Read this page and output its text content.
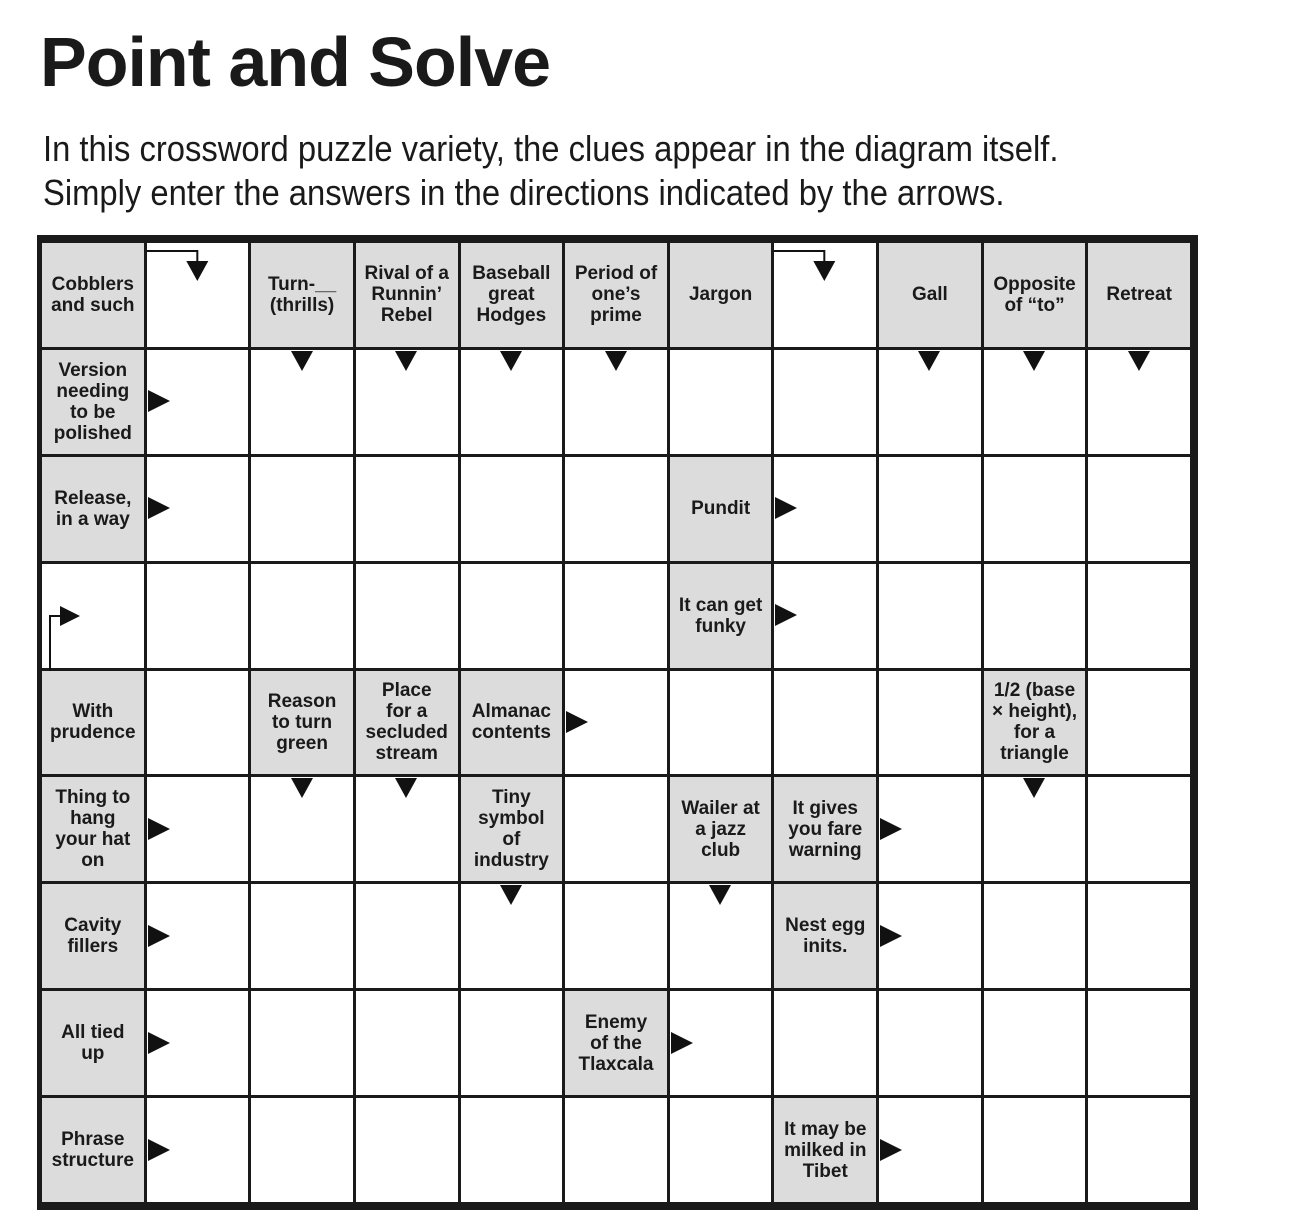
Point and Solve

In this crossword puzzle variety, the clues appear in the diagram itself.

Simply enter the answers in the directions indicated by the arrows.

Cobblers
and such
Turn-__
(thrills)
Rival of a
Runnin’
Rebel
Baseball
great
Hodges
Period of
one’s
prime
Jargon	Gall	Opposite
of “to”	Retreat
Version
needing
to be
polished
Release,
in a way	Pundit
It can get
funky
With
prudence
Reason
to turn
green
Place
for a
secluded
stream
Almanac
contents
1/2 (base
× height),
for a
triangle
Thing to
hang
your hat
on
Tiny
symbol
of
industry
Wailer at
a jazz
club
It gives
you fare
warning
Cavity
fillers
Nest egg
inits.
All tied
up
Enemy
of the
Tlaxcala
Phrase
structure
It may be
milked in
Tibet
